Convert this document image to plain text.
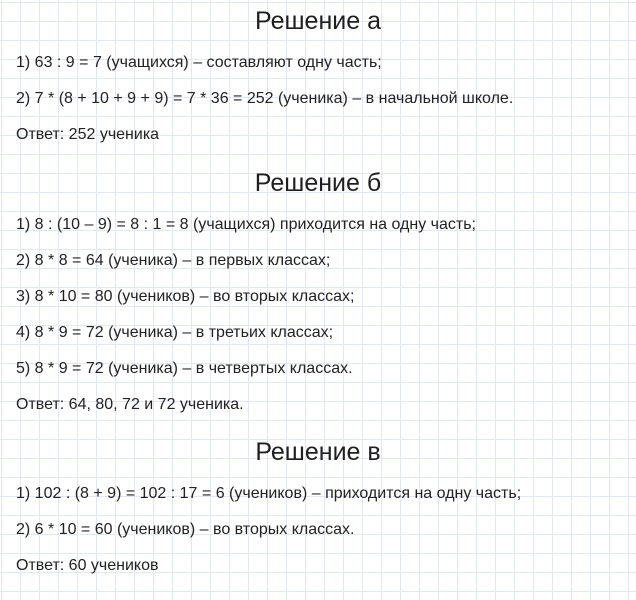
Решение а

1) 63 : 9 = 7 (учащихся) – составляют одну часть;

2) 7 * (8 + 10 + 9 + 9) = 7 * 36 = 252 (ученика) – в начальной школе.

Ответ: 252 ученика

Решение б

1) 8 : (10 – 9) = 8 : 1 = 8 (учащихся) приходится на одну часть;

2) 8 * 8 = 64 (ученика) – в первых классах;

3) 8 * 10 = 80 (учеников) – во вторых классах;

4) 8 * 9 = 72 (ученика) – в третьих классах;

5) 8 * 9 = 72 (ученика) – в четвертых классах.

Ответ: 64, 80, 72 и 72 ученика.

Решение в

1) 102 : (8 + 9) = 102 : 17 = 6 (учеников) – приходится на одну часть;

2) 6 * 10 = 60 (учеников) – во вторых классах.

Ответ: 60 учеников
